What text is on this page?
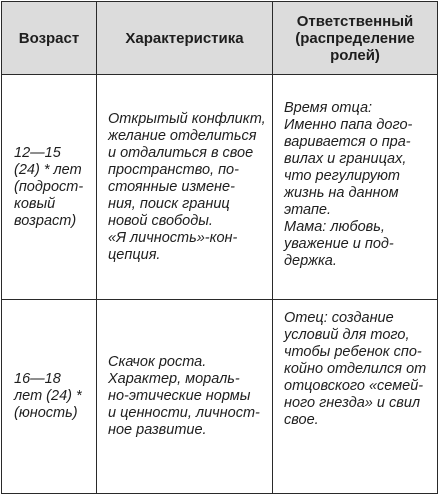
Возраст	Характеристика
Ответственный
(распределение
ролей)
12—15
(24) * лет
(подрост-
ковый
возраст)
Открытый конфликт,
желание отделиться
и отдалиться в свое
пространство, по-
стоянные измене-
ния, поиск границ
новой свободы.
«Я личность»-кон-
цепция.
Время отца:
Именно папа дого-
варивается о пра-
вилах и границах,
что регулируют
жизнь на данном
этапе.
Мама: любовь,
уважение и под-
держка.
16—18
лет (24) *
(юность)
Скачок роста.
Характер, мораль-
но-этические нормы
и ценности, личност-
ное развитие.
Отец: создание
условий для того,
чтобы ребенок спо-
койно отделился от
отцовского «семей-
ного гнезда» и свил
свое.
